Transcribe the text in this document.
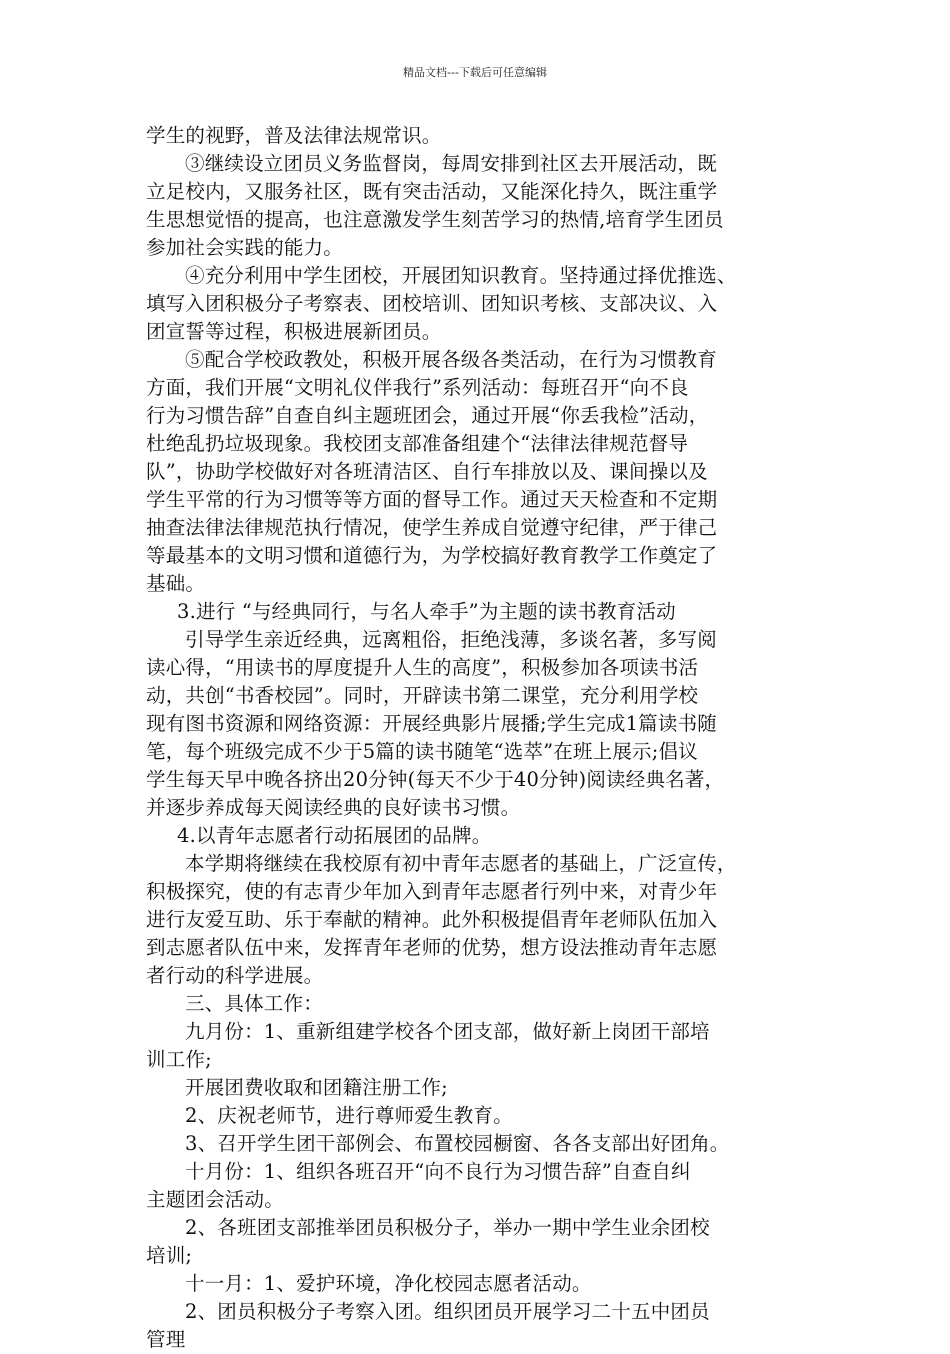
精品文档---下载后可任意编辑
学生的视野，普及法律法规常识。
③继续设立团员义务监督岗，每周安排到社区去开展活动，既
立足校内，又服务社区，既有突击活动，又能深化持久，既注重学
生思想觉悟的提高，也注意激发学生刻苦学习的热情,培育学生团员
参加社会实践的能力。
④充分利用中学生团校，开展团知识教育。坚持通过择优推选、
填写入团积极分子考察表、团校培训、团知识考核、支部决议、入
团宣誓等过程，积极进展新团员。
⑤配合学校政教处，积极开展各级各类活动，在行为习惯教育
方面，我们开展“文明礼仪伴我行”系列活动：每班召开“向不良
行为习惯告辞”自查自纠主题班团会，通过开展“你丢我检”活动，
杜绝乱扔垃圾现象。我校团支部准备组建个“法律法律规范督导
队”，协助学校做好对各班清洁区、自行车排放以及、课间操以及
学生平常的行为习惯等等方面的督导工作。通过天天检查和不定期
抽查法律法律规范执行情况，使学生养成自觉遵守纪律，严于律己
等最基本的文明习惯和道德行为，为学校搞好教育教学工作奠定了
基础。
3.进行 “与经典同行，与名人牵手”为主题的读书教育活动
引导学生亲近经典，远离粗俗，拒绝浅薄，多谈名著，多写阅
读心得，“用读书的厚度提升人生的高度”，积极参加各项读书活
动，共创“书香校园”。同时，开辟读书第二课堂，充分利用学校
现有图书资源和网络资源：开展经典影片展播;学生完成1篇读书随
笔，每个班级完成不少于5篇的读书随笔“选萃”在班上展示;倡议
学生每天早中晚各挤出20分钟(每天不少于40分钟)阅读经典名著，
并逐步养成每天阅读经典的良好读书习惯。
4.以青年志愿者行动拓展团的品牌。
本学期将继续在我校原有初中青年志愿者的基础上，广泛宣传，
积极探究，使的有志青少年加入到青年志愿者行列中来，对青少年
进行友爱互助、乐于奉献的精神。此外积极提倡青年老师队伍加入
到志愿者队伍中来，发挥青年老师的优势，想方设法推动青年志愿
者行动的科学进展。
三、具体工作：
九月份：1、重新组建学校各个团支部，做好新上岗团干部培
训工作;
开展团费收取和团籍注册工作;
2、庆祝老师节，进行尊师爱生教育。
3、召开学生团干部例会、布置校园橱窗、各各支部出好团角。
十月份：1、组织各班召开“向不良行为习惯告辞”自查自纠
主题团会活动。
2、各班团支部推举团员积极分子，举办一期中学生业余团校
培训;
十一月：1、爱护环境，净化校园志愿者活动。
2、团员积极分子考察入团。组织团员开展学习二十五中团员
管理
